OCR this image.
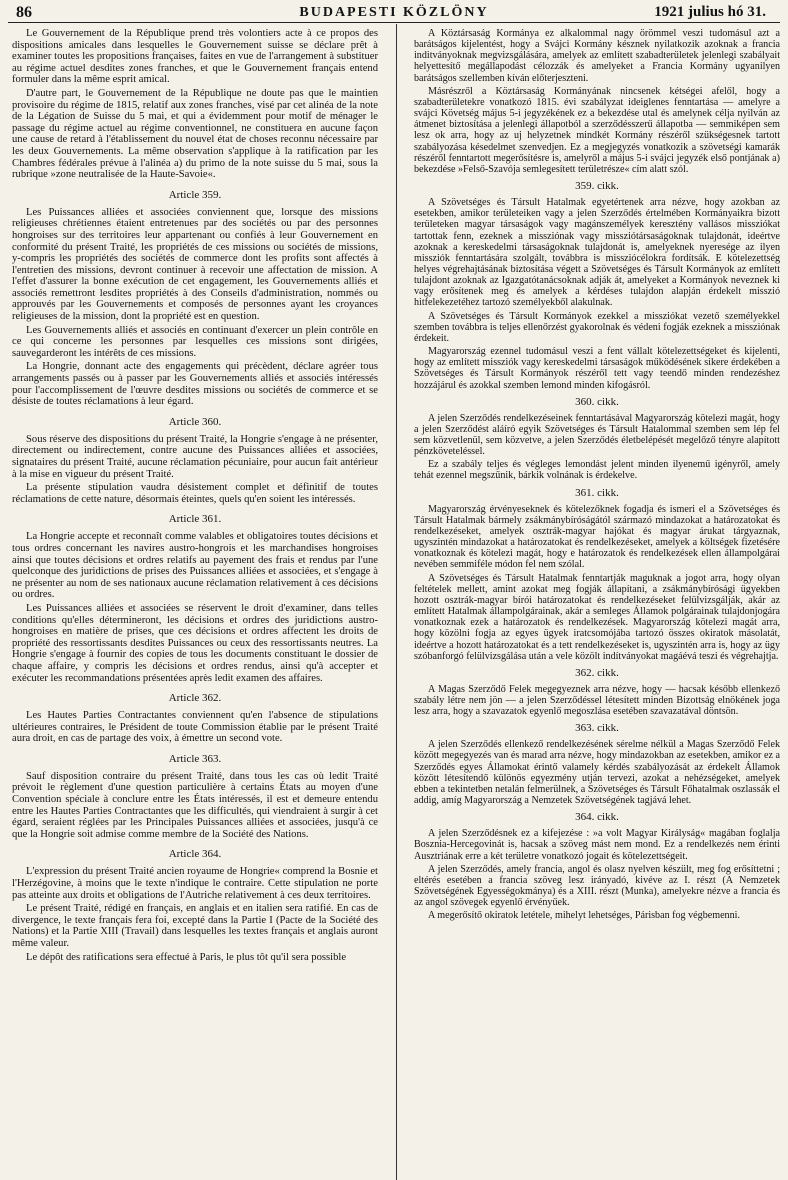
86	BUDAPESTI KÖZLÖNY	1921 julius hó 31.

Le Gouvernement de la République prend très volontiers acte à ce propos des dispositions amicales dans lesquelles le Gouvernement suisse se déclare prêt à examiner toutes les propositions françaises, faites en vue de l'arrangement à substituer au régime actuel desdites zones franches, et que le Gouvernement français entend formuler dans la même esprit amical.

D'autre part, le Gouvernement de la République ne doute pas que le maintien provisoire du régime de 1815, relatif aux zones franches, visé par cet alinéa de la note de la Légation de Suisse du 5 mai, et qui a évidemment pour motif de ménager le passage du régime actuel au régime conventionnel, ne constituera en aucune façon une cause de retard à l'établissement du nouvel état de choses reconnu nécessaire par les deux Gouvernements. La même observation s'applique à la ratification par les Chambres fédérales prévue à l'alinéa a) du primo de la note suisse du 5 mai, sous la rubrique »zone neutralisée de la Haute-Savoie«.

Article 359.

Les Puissances alliées et associées conviennent que, lorsque des missions religieuses chrétiennes étaient entretenues par des sociétés ou par des personnes hongroises sur des territoires leur appartenant ou confiés à leur Gouvernement en conformité du présent Traité, les propriétés de ces missions ou sociétés de missions, y-compris les propriétés des sociétés de commerce dont les profits sont affectés à l'entretien des missions, devront continuer à recevoir une affectation de mission. A l'effet d'assurer la bonne exécution de cet engagement, les Gouvernements alliés et associés remettront lesdites propriétés à des Conseils d'administration, nommés ou approuvés par les Gouvernements et composés de personnes ayant les croyances religieuses de la mission, dont la propriété est en question.

Les Gouvernements alliés et associés en continuant d'exercer un plein contrôle en ce qui concerne les personnes par lesquelles ces missions sont dirigées, sauvegarderont les intérêts de ces missions.

La Hongrie, donnant acte des engagements qui précèdent, déclare agréer tous arrangements passés ou à passer par les Gouvernements alliés et associés intéressés pour l'accomplissement de l'œuvre desdites missions ou sociétés de commerce et se désiste de toutes réclamations à leur égard.

Article 360.

Sous réserve des dispositions du présent Traité, la Hongrie s'engage à ne présenter, directement ou indirectement, contre aucune des Puissances alliées et associées, signataires du présent Traité, aucune réclamation pécuniaire, pour aucun fait antérieur à la mise en vigueur du présent Traité.

La présente stipulation vaudra désistement complet et définitif de toutes réclamations de cette nature, désormais éteintes, quels qu'en soient les intéressés.

Article 361.

La Hongrie accepte et reconnaît comme valables et obligatoires toutes décisions et tous ordres concernant les navires austro-hongrois et les marchandises hongroises ainsi que toutes décisions et ordres relatifs au payement des frais et rendus par l'une quelconque des juridictions de prises des Puissances alliées et associées, et s'engage à ne présenter au nom de ses nationaux aucune réclamation relativement à ces décisions ou ordres.

Les Puissances alliées et associées se réservent le droit d'examiner, dans telles conditions qu'elles détermineront, les décisions et ordres des juridictions austro-hongroises en matière de prises, que ces décisions et ordres affectent les droits de propriété des ressortissants desdites Puissances ou ceux des ressortissants neutres. La Hongrie s'engage à fournir des copies de tous les documents constituant le dossier de chaque affaire, y compris les décisions et ordres rendus, ainsi qu'à accepter et exécuter les recommandations présentées après ledit examen des affaires.

Article 362.

Les Hautes Parties Contractantes conviennent qu'en l'absence de stipulations ultérieures contraires, le Président de toute Commission établie par le présent Traité aura droit, en cas de partage des voix, à émettre un second vote.

Article 363.

Sauf disposition contraire du présent Traité, dans tous les cas où ledit Traité prévoit le règlement d'une question particulière à certains États au moyen d'une Convention spéciale à conclure entre les États intéressés, il est et demeure entendu entre les Hautes Parties Contractantes que les difficultés, qui viendraient à surgir à cet égard, seraient réglées par les Principales Puissances alliées et associées, jusqu'à ce que la Hongrie soit admise comme membre de la Société des Nations.

Article 364.

L'expression du présent Traité ancien royaume de Hongrie« comprend la Bosnie et l'Herzégovine, à moins que le texte n'indique le contraire. Cette stipulation ne porte pas atteinte aux droits et obligations de l'Autriche relativement à ces deux territoires.

Le présent Traité, rédigé en français, en anglais et en italien sera ratifié. En cas de divergence, le texte français fera foi, excepté dans la Partie I (Pacte de la Société des Nations) et la Partie XIII (Travail) dans lesquelles les textes français et anglais auront même valeur.

Le dépôt des ratifications sera effectué à Paris, le plus tôt qu'il sera possible

A Köztársaság Kormánya ez alkalommal nagy örömmel veszi tudomásul azt a barátságos kijelentést, hogy a Svájci Kormány késznek nyilatkozik azoknak a francia inditványoknak megvizsgálására, amelyek az említett szabadterületek jelenlegi szabályait helyettesítő megállapodást célozzák és amelyeket a Francia Kormány ugyanilyen barátságos szellemben kíván előterjeszteni.

Másrészről a Köztársaság Kormányának nincsenek kétségei afelől, hogy a szabadterületekre vonatkozó 1815. évi szabályzat ideiglenes fenntartása — amelyre a svájci Követség május 5-i jegyzékének ez a bekezdése utal és amelynek célja nyilván az átmenet biztosítása a jelenlegi állapotból a szerződésszerű állapotba — semmiképen sem lesz ok arra, hogy az uj helyzetnek mindkét Kormány részéről szükségesnek tartott szabályozása késedelmet szenvedjen. Ez a megjegyzés vonatkozik a szövetségi kamarák részéről fenntartott megerősítésre is, amelyről a május 5-i svájci jegyzék első pontjának a) bekezdése »Felső-Szavója semlegesített területrésze« cím alatt szól.

359. cikk.

A Szövetséges és Társult Hatalmak egyetértenek arra nézve, hogy azokban az esetekben, amikor területeiken vagy a jelen Szerződés értelmében Kormányaikra bizott területeken magyar társaságok vagy magánszemélyek keresztény vallásos missziókat tartottak fenn, ezeknek a missziónak vagy missziótársaságoknak tulajdonát, ideértve azoknak a kereskedelmi társaságoknak tulajdonát is, amelyeknek nyeresége az ilyen missziók fenntartására szolgált, továbbra is missziócélokra fordítsák. E kötelezettség helyes végrehajtásának biztosítása végett a Szövetséges és Társult Kormányok az említett tulajdont azoknak az Igazgatótanácsoknak adják át, amelyeket a Kormányok neveznek ki vagy erősítenek meg és amelyek a kérdéses tulajdon alapján érdekelt misszió hitfelekezetéhez tartozó személyekből alakulnak.

A Szövetséges és Társult Kormányok ezekkel a missziókat vezető személyekkel szemben továbbra is teljes ellenőrzést gyakorolnak és védeni fogják ezeknek a missziónak érdekeit.

Magyarország ezennel tudomásul veszi a fent vállalt kötelezettségeket és kijelenti, hogy az említett missziók vagy kereskedelmi társaságok működésének sikere érdekében a Szövetséges és Társult Kormányok részéről tett vagy teendő minden rendezéshez hozzájárul és azokkal szemben lemond minden kifogásról.

360. cikk.

A jelen Szerződés rendelkezéseinek fenntartásával Magyarország kötelezi magát, hogy a jelen Szerződést aláíró egyik Szövetséges és Társult Hatalommal szemben sem lép fel sem közvetlenül, sem közvetve, a jelen Szerződés életbelépését megelőző tényre alapított pénzköveteléssel.

Ez a szabály teljes és végleges lemondást jelent minden ilyenemű igényről, amely tehát ezennel megszűnik, bárkik volnának is érdekelve.

361. cikk.

Magyarország érvényeseknek és kötelezőknek fogadja és ismeri el a Szövetséges és Társult Hatalmak bármely zsákmánybíróságától származó mindazokat a határozatokat és rendelkezéseket, amelyek osztrák-magyar hajókat és magyar árukat tárgyaznak, ugyszintén mindazokat a határozatokat és rendelkezéseket, amelyek a költségek fizetésére vonatkoznak és kötelezi magát, hogy e határozatok és rendelkezések ellen állampolgárai nevében semmiféle módon fel nem szólal.

A Szövetséges és Társult Hatalmak fenntartják maguknak a jogot arra, hogy olyan feltételek mellett, amint azokat meg fogják állapítani, a zsákmánybírósági ügyekben hozott osztrák-magyar bírói határozatokat és rendelkezéseket felülvizsgálják, akár az említett Hatalmak állampolgárainak, akár a semleges Államok polgárainak tulajdonjogára vonatkoznak ezek a határozatok és rendelkezések. Magyarország kötelezi magát arra, hogy közölni fogja az egyes ügyek iratcsomójába tartozó összes okiratok másolatát, ideértve a hozott határozatokat és a tett rendelkezéseket is, ugyszintén arra is, hogy az ügy szóbanforgó felülvizsgálása után a vele közölt indítványokat magáévá teszi és végrehajtja.

362. cikk.

A Magas Szerződő Felek megegyeznek arra nézve, hogy — hacsak később ellenkező szabály létre nem jön — a jelen Szerződéssel létesített minden Bizottság elnökének joga lesz arra, hogy a szavazatok egyenlő megoszlása esetében szavazatával döntsön.

363. cikk.

A jelen Szerződés ellenkező rendelkezésének sérelme nélkül a Magas Szerződő Felek között megegyezés van és marad arra nézve, hogy mindazokban az esetekben, amikor ez a Szerződés egyes Államokat érintő valamely kérdés szabályozását az érdekelt Államok között létesítendő különös egyezmény utján tervezi, azokat a nehézségeket, amelyek ebben a tekintetben netalán felmerülnek, a Szövetséges és Társult Főhatalmak oszlassák el addig, amíg Magyarország a Nemzetek Szövetségének tagjává lehet.

364. cikk.

A jelen Szerződésnek ez a kifejezése : »a volt Magyar Királyság« magában foglalja Bosznia-Hercegovinát is, hacsak a szöveg mást nem mond. Ez a rendelkezés nem érinti Ausztriának erre a két területre vonatkozó jogait és kötelezettségeit.

A jelen Szerződés, amely francia, angol és olasz nyelven készült, meg fog erősíttetni ; eltérés esetében a francia szöveg lesz irányadó, kivéve az I. részt (A Nemzetek Szövetségének Egyességokmánya) és a XIII. részt (Munka), amelyekre nézve a francia és az angol szövegek egyenlő érvényűek.

A megerősítő okiratok letétele, mihelyt lehetséges, Párisban fog végbemenni.
